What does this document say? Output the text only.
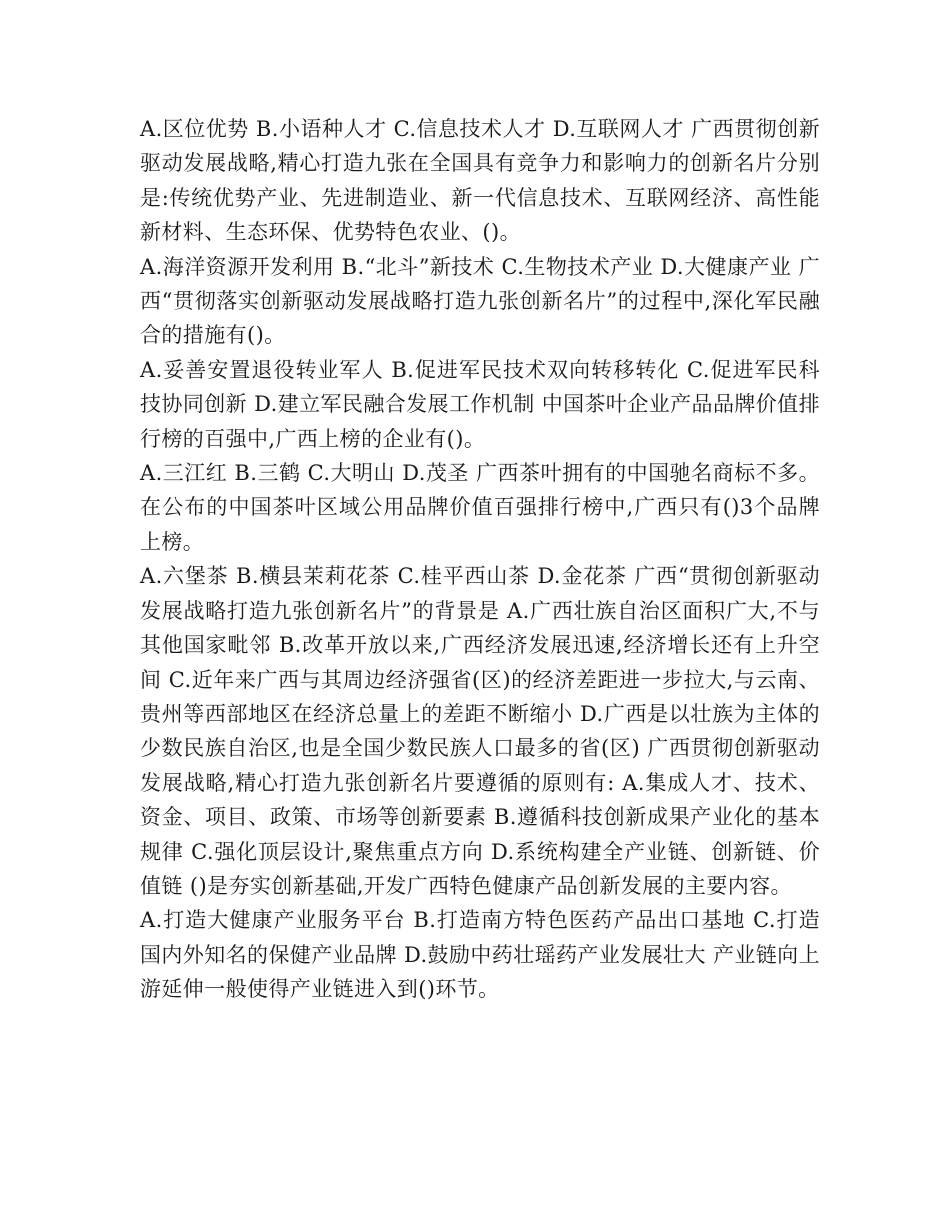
A.区位优势 B.小语种人才 C.信息技术人才 D.互联网人才 广西贯彻创新驱动发展战略,精心打造九张在全国具有竞争力和影响力的创新名片分别是:传统优势产业、先进制造业、新一代信息技术、互联网经济、高性能新材料、生态环保、优势特色农业、()。

A.海洋资源开发利用 B.“北斗”新技术 C.生物技术产业 D.大健康产业 广西“贯彻落实创新驱动发展战略打造九张创新名片”的过程中,深化军民融合的措施有()。

A.妥善安置退役转业军人 B.促进军民技术双向转移转化 C.促进军民科技协同创新 D.建立军民融合发展工作机制 中国茶叶企业产品品牌价值排行榜的百强中,广西上榜的企业有()。

A.三江红 B.三鹤 C.大明山 D.茂圣 广西茶叶拥有的中国驰名商标不多。在公布的中国茶叶区域公用品牌价值百强排行榜中,广西只有()3个品牌上榜。

A.六堡茶 B.横县茉莉花茶 C.桂平西山茶 D.金花茶 广西“贯彻创新驱动发展战略打造九张创新名片”的背景是 A.广西壮族自治区面积广大,不与其他国家毗邻 B.改革开放以来,广西经济发展迅速,经济增长还有上升空间 C.近年来广西与其周边经济强省(区)的经济差距进一步拉大,与云南、贵州等西部地区在经济总量上的差距不断缩小 D.广西是以壮族为主体的少数民族自治区,也是全国少数民族人口最多的省(区) 广西贯彻创新驱动发展战略,精心打造九张创新名片要遵循的原则有: A.集成人才、技术、资金、项目、政策、市场等创新要素 B.遵循科技创新成果产业化的基本规律 C.强化顶层设计,聚焦重点方向 D.系统构建全产业链、创新链、价值链 ()是夯实创新基础,开发广西特色健康产品创新发展的主要内容。

A.打造大健康产业服务平台 B.打造南方特色医药产品出口基地 C.打造国内外知名的保健产业品牌 D.鼓励中药壮瑶药产业发展壮大 产业链向上游延伸一般使得产业链进入到()环节。
